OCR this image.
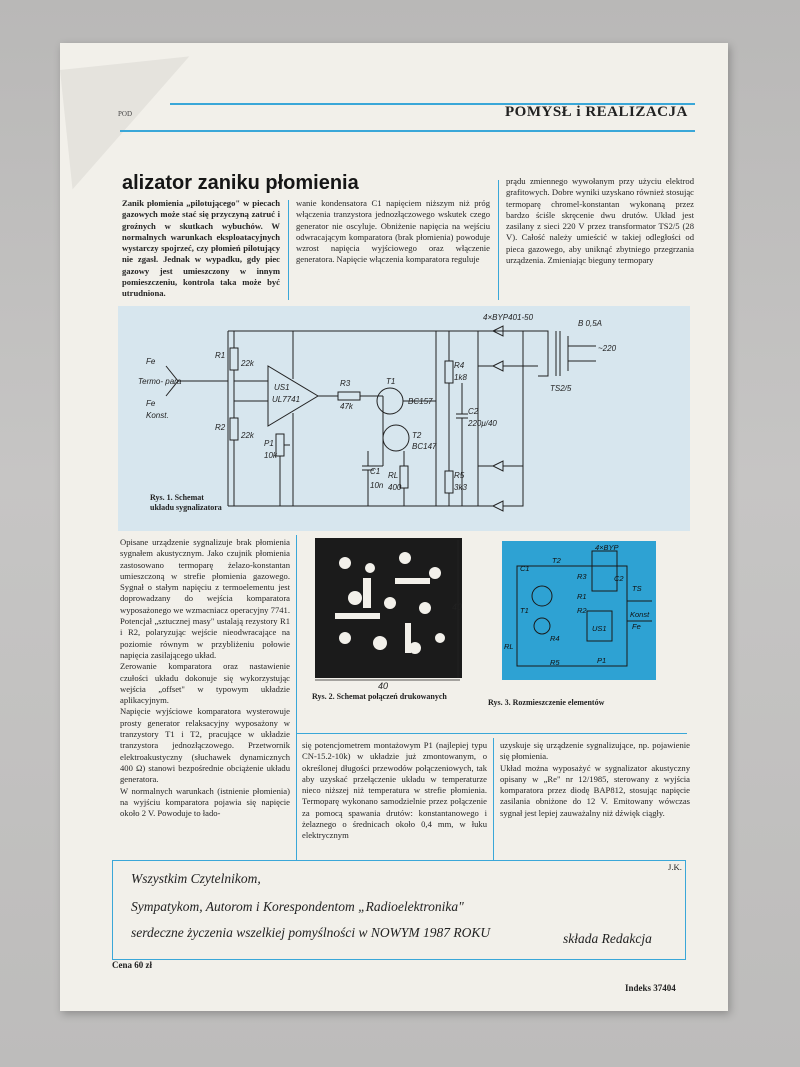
POD	POMYSŁ i REALIZACJA
alizator zaniku płomienia
Zanik płomienia „pilotującego" w piecach gazowych może stać się przyczyną zatruć i groźnych w skutkach wybuchów. W normalnych warunkach eksploatacyjnych wystarczy spojrzeć, czy płomień pilotujący nie zgasł. Jednak w wypadku, gdy piec gazowy jest umieszczony w innym pomieszczeniu, kontrola taka może być utrudniona.
wanie kondensatora C1 napięciem niższym niż próg włączenia tranzystora jednozłączowego wskutek czego generator nie oscyluje. Obniżenie napięcia na wejściu odwracającym komparatora (brak płomienia) powoduje wzrost napięcia wyjściowego oraz włączenie generatora. Napięcie włączenia komparatora reguluje
prądu zmiennego wywołanym przy użyciu elektrod grafitowych. Dobre wyniki uzyskano również stosując termoparę chromel-konstantan wykonaną przez bardzo ściśle skręcenie dwu drutów. Układ jest zasilany z sieci 220 V przez transformator TS2/5 (28 V). Całość należy umieścić w takiej odległości od pieca gazowego, aby uniknąć zbytniego przegrzania urządzenia. Zmieniając bieguny termopary
4×BYP401-50
B 0,5A
~220
TS2/5
Fe
Termo- para
Fe
Konst.
R1
22k
R2
22k
US1
UL7741
P1
10k
R3
47k
T1
BC157
T2
BC147
R4
1k8
R5
3k3
C2
220μ/40
C1
10n
RL
400
Rys. 1. Schemat
układu sygnalizatora

Opisane urządzenie sygnalizuje brak płomienia sygnałem akustycznym. Jako czujnik płomienia zastosowano termoparę żelazo-konstantan umieszczoną w strefie płomienia gazowego. Sygnał o stałym napięciu z termoelementu jest doprowadzany do wejścia komparatora wyposażonego we wzmacniacz operacyjny 7741. Potencjał „sztucznej masy" ustalają rezystory R1 i R2, polaryzując wejście nieodwracające na poziomie równym w przybliżeniu połowie napięcia zasilającego układ.

Zerowanie komparatora oraz nastawienie czułości układu dokonuje się wykorzystując wejścia „offset" w typowym układzie aplikacyjnym.

Napięcie wyjściowe komparatora wysterowuje prosty generator relaksacyjny wyposażony w tranzystory T1 i T2, pracujące w układzie tranzystora jednozłączowego. Przetwornik elektroakustyczny (słuchawek dynamicznych 400 Ω) stanowi bezpośrednie obciążenie układu generatora.

W normalnych warunkach (istnienie płomienia) na wyjściu komparatora pojawia się napięcie około 2 V. Powoduje to łado-

40
40
4×BYP
C1
T2
T1
C2
R3
R1
R2
R4
US1
P1
R5
RL
TS
Konst
Fe
Rys. 2. Schemat połączeń drukowanych
Rys. 3. Rozmieszczenie elementów
się potencjometrem montażowym P1 (najlepiej typu CN-15.2-10k) w układzie już zmontowanym, o określonej długości przewodów połączeniowych, tak aby uzyskać przełączenie układu w temperaturze nieco niższej niż temperatura w strefie płomienia. Termoparę wykonano samodzielnie przez połączenie za pomocą spawania drutów: konstantanowego i żelaznego o średnicach około 0,4 mm, w łuku elektrycznym

uzyskuje się urządzenie sygnalizujące, np. pojawienie się płomienia.

Układ można wyposażyć w sygnalizator akustyczny opisany w „Re" nr 12/1985, sterowany z wyjścia komparatora przez diodę BAP812, stosując napięcie zasilania obniżone do 12 V. Emitowany wówczas sygnał jest lepiej zauważalny niż dźwięk ciągły.

J.K.
Wszystkim Czytelnikom,
Sympatykom, Autorom i Korespondentom „Radioelektronika"
serdeczne życzenia wszelkiej pomyślności w NOWYM 1987 ROKU	składa Redakcja
Cena 60 zł
Indeks 37404
